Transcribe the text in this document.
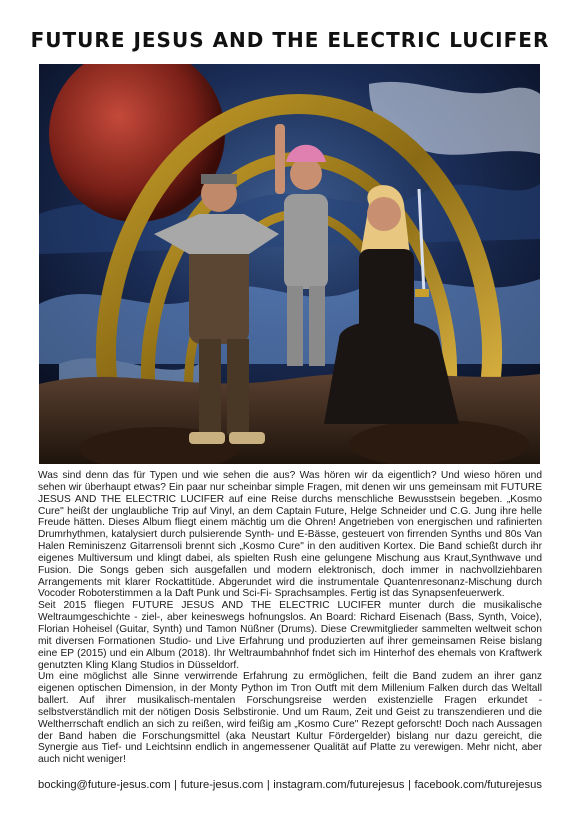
FUTURE JESUS AND THE ELECTRIC LUCIFER

Was sind denn das für Typen und wie sehen die aus? Was hören wir da eigentlich? Und wieso hören und sehen wir überhaupt etwas? Ein paar nur scheinbar simple Fragen, mit denen wir uns gemeinsam mit FUTURE JESUS AND THE ELECTRIC LUCIFER auf eine Reise durchs menschliche Bewusstsein begeben. „Kosmo Cure" heißt der unglaubliche Trip auf Vinyl, an dem Captain Future, Helge Schneider und C.G. Jung ihre helle Freude hätten. Dieses Album fliegt einem mächtig um die Ohren! Angetrieben von energischen und rafinierten Drumrhythmen, katalysiert durch pulsierende Synth- und E-Bässe, gesteuert von firrenden Synths und 80s Van Halen Reminiszenz Gitarrensoli brennt sich „Kosmo Cure" in den auditiven Kortex. Die Band schießt durch ihr eigenes Multiversum und klingt dabei, als spielten Rush eine gelungene Mischung aus Kraut,Synthwave und Fusion. Die Songs geben sich ausgefallen und modern elektronisch, doch immer in nachvollziehbaren Arrangements mit klarer Rockattitüde. Abgerundet wird die instrumentale Quantenresonanz-Mischung durch Vocoder Roboterstimmen a la Daft Punk und Sci-Fi- Sprachsamples. Fertig ist das Synapsenfeuerwerk.

Seit 2015 fliegen FUTURE JESUS AND THE ELECTRIC LUCIFER munter durch die musikalische Weltraumgeschichte - ziel-, aber keineswegs hofnungslos. An Board: Richard Eisenach (Bass, Synth, Voice), Florian Hoheisel (Guitar, Synth) und Tamon Nüßner (Drums). Diese Crewmitglieder sammelten weltweit schon mit diversen Formationen Studio- und Live Erfahrung und produzierten auf ihrer gemeinsamen Reise bislang eine EP (2015) und ein Album (2018). Ihr Weltraumbahnhof fndet sich im Hinterhof des ehemals von Kraftwerk genutzten Kling Klang Studios in Düsseldorf.

Um eine möglichst alle Sinne verwirrende Erfahrung zu ermöglichen, feilt die Band zudem an ihrer ganz eigenen optischen Dimension, in der Monty Python im Tron Outft mit dem Millenium Falken durch das Weltall ballert. Auf ihrer musikalisch-mentalen Forschungsreise werden existenzielle Fragen erkundet - selbstverständlich mit der nötigen Dosis Selbstironie. Und um Raum, Zeit und Geist zu transzendieren und die Weltherrschaft endlich an sich zu reißen, wird feißig am „Kosmo Cure" Rezept geforscht! Doch nach Aussagen der Band haben die Forschungsmittel (aka Neustart Kultur Fördergelder) bislang nur dazu gereicht, die Synergie aus Tief- und Leichtsinn endlich in angemessener Qualität auf Platte zu verewigen. Mehr nicht, aber auch nicht weniger!

bocking@future-jesus.com | future-jesus.com | instagram.com/futurejesus | facebook.com/futurejesus
